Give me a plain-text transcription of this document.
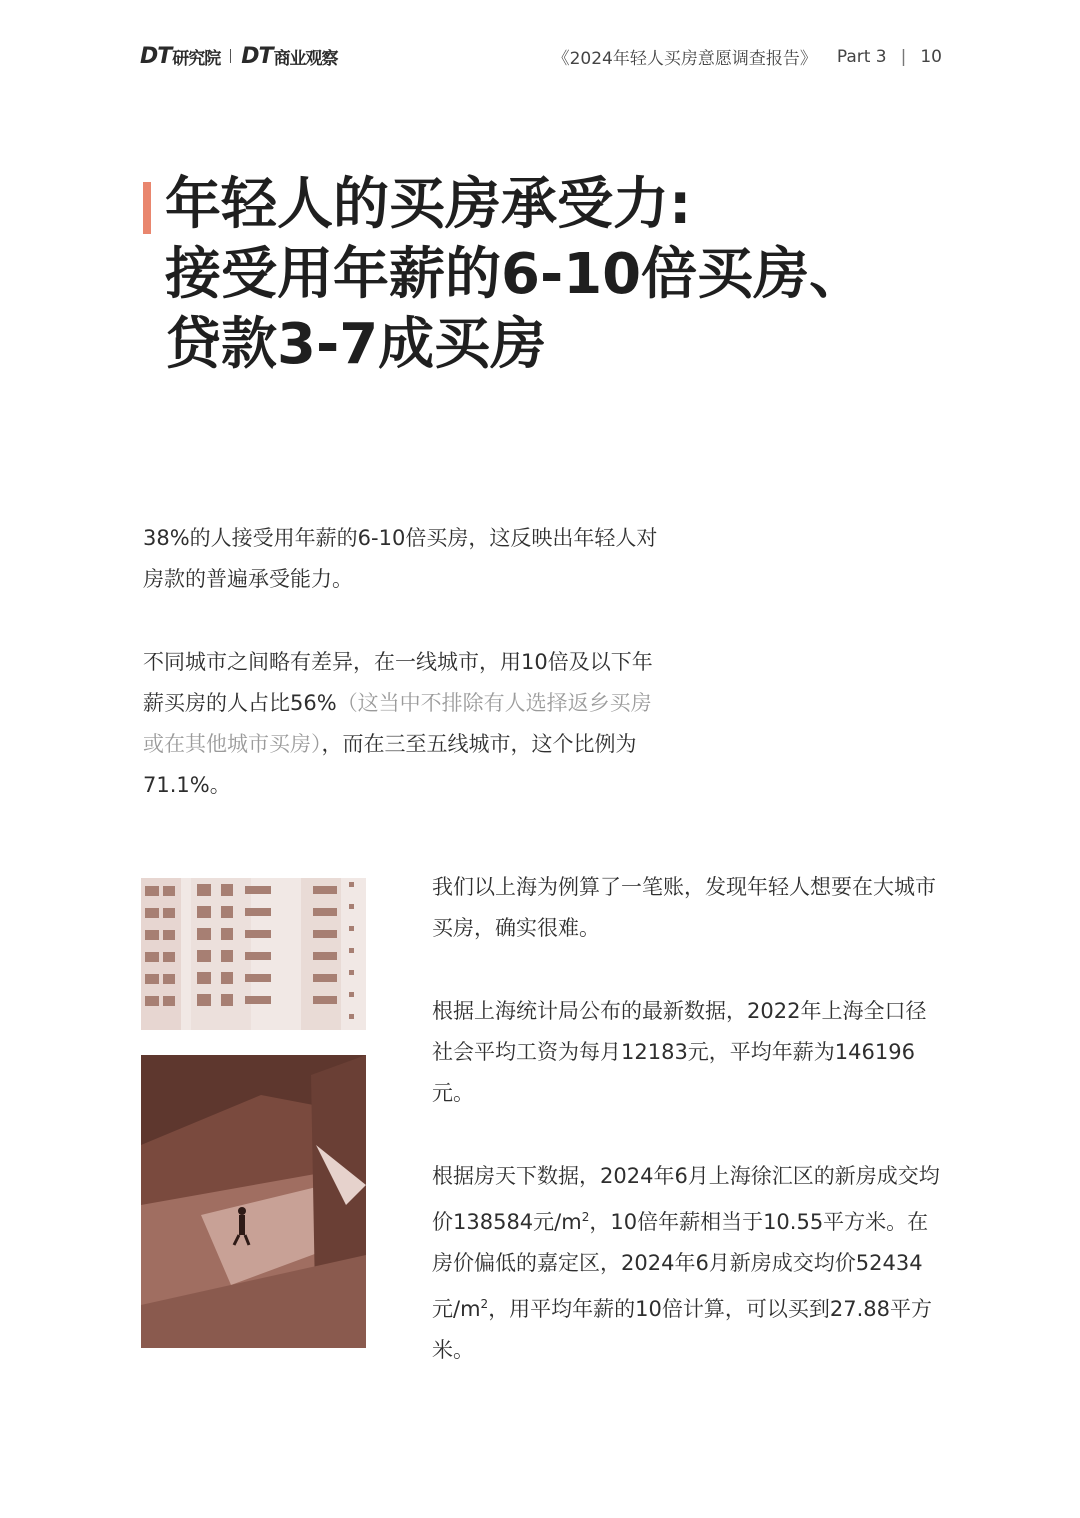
DT 研究院 DT 商业观察	《2024年轻人买房意愿调查报告》 Part 3 | 10
年轻人的买房承受力:
接受用年薪的6-10倍买房、
贷款3-7成买房

38%的人接受用年薪的6-10倍买房，这反映出年轻人对房款的普遍承受能力。

不同城市之间略有差异，在一线城市，用10倍及以下年薪买房的人占比56%（这当中不排除有人选择返乡买房或在其他城市买房），而在三至五线城市，这个比例为71.1%。

我们以上海为例算了一笔账，发现年轻人想要在大城市买房，确实很难。

根据上海统计局公布的最新数据，2022年上海全口径社会平均工资为每月12183元，平均年薪为146196元。

根据房天下数据，2024年6月上海徐汇区的新房成交均价138584元$/m^2$，10倍年薪相当于10.55平方米。在房价偏低的嘉定区，2024年6月新房成交均价52434元$/m^2$，用平均年薪的10倍计算，可以买到27.88平方米。
